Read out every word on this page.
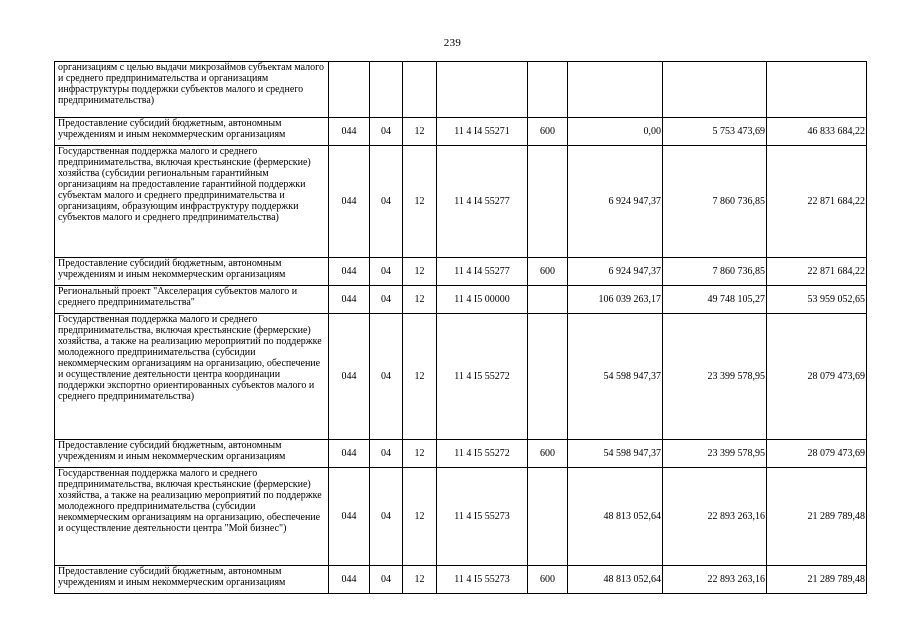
239
организациям с целью выдачи микрозаймов субъектам малого и среднего предпринимательства и организациям инфраструктуры поддержки субъектов малого и среднего предпринимательства)								
Предоставление субсидий бюджетным, автономным учреждениям и иным некоммерческим организациям	044	04	12	11 4 I4 55271	600	0,00	5 753 473,69	46 833 684,22
Государственная поддержка малого и среднего предпринимательства, включая крестьянские (фермерские) хозяйства (субсидии региональным гарантийным организациям на предоставление гарантийной поддержки субъектам малого и среднего предпринимательства и организациям, образующим инфраструктуру поддержки субъектов малого и среднего предпринимательства)	044	04	12	11 4 I4 55277		6 924 947,37	7 860 736,85	22 871 684,22
Предоставление субсидий бюджетным, автономным учреждениям и иным некоммерческим организациям	044	04	12	11 4 I4 55277	600	6 924 947,37	7 860 736,85	22 871 684,22
Региональный проект "Акселерация субъектов малого и среднего предпринимательства"	044	04	12	11 4 I5 00000		106 039 263,17	49 748 105,27	53 959 052,65
Государственная поддержка малого и среднего предпринимательства, включая крестьянские (фермерские) хозяйства, а также на реализацию мероприятий по поддержке молодежного предпринимательства (субсидии некоммерческим организациям на организацию, обеспечение и осуществление деятельности центра координации поддержки экспортно ориентированных субъектов малого и среднего предпринимательства)	044	04	12	11 4 I5 55272		54 598 947,37	23 399 578,95	28 079 473,69
Предоставление субсидий бюджетным, автономным учреждениям и иным некоммерческим организациям	044	04	12	11 4 I5 55272	600	54 598 947,37	23 399 578,95	28 079 473,69
Государственная поддержка малого и среднего предпринимательства, включая крестьянские (фермерские) хозяйства, а также на реализацию мероприятий по поддержке молодежного предпринимательства (субсидии некоммерческим организациям на организацию, обеспечение и осуществление деятельности центра "Мой бизнес")	044	04	12	11 4 I5 55273		48 813 052,64	22 893 263,16	21 289 789,48
Предоставление субсидий бюджетным, автономным учреждениям и иным некоммерческим организациям	044	04	12	11 4 I5 55273	600	48 813 052,64	22 893 263,16	21 289 789,48
